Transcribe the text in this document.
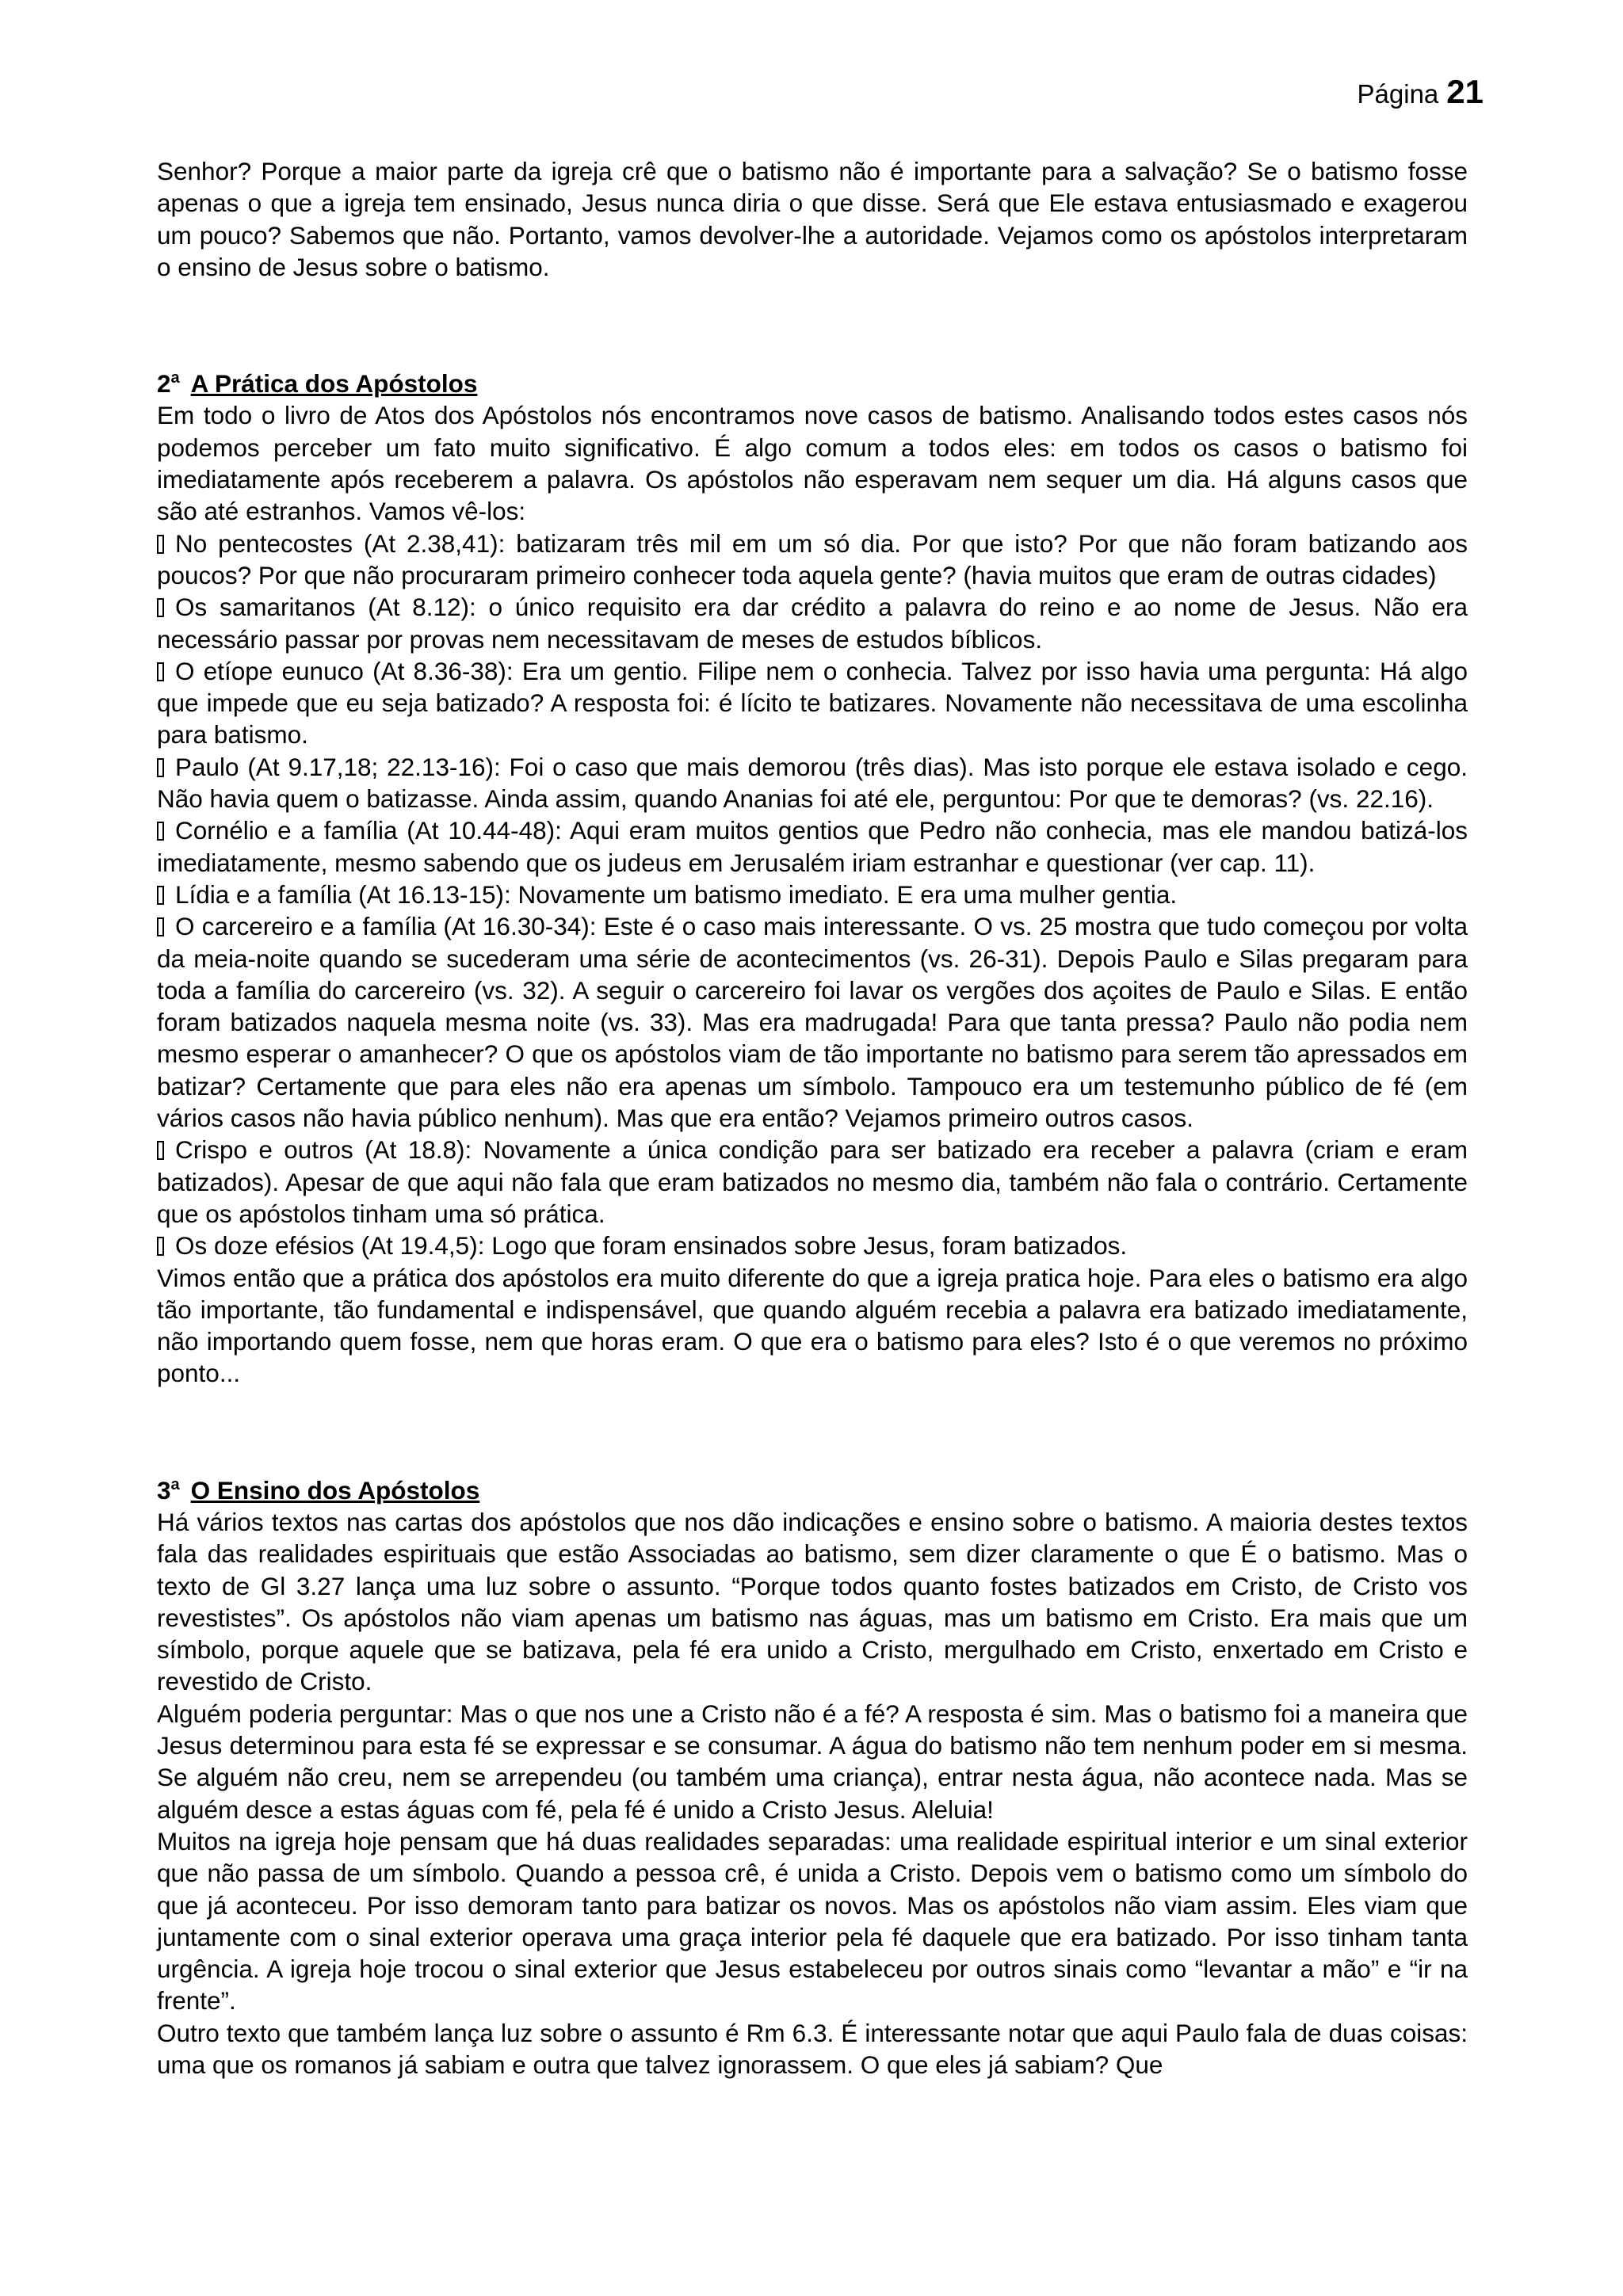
Página 21

Senhor? Porque a maior parte da igreja crê que o batismo não é importante para a salvação? Se o batismo fosse apenas o que a igreja tem ensinado, Jesus nunca diria o que disse. Será que Ele estava entusiasmado e exagerou um pouco? Sabemos que não. Portanto, vamos devolver-lhe a autoridade. Vejamos como os apóstolos interpretaram o ensino de Jesus sobre o batismo.

2$^a$ A Prática dos Apóstolos

Em todo o livro de Atos dos Apóstolos nós encontramos nove casos de batismo. Analisando todos estes casos nós podemos perceber um fato muito significativo. É algo comum a todos eles: em todos os casos o batismo foi imediatamente após receberem a palavra. Os apóstolos não esperavam nem sequer um dia. Há alguns casos que são até estranhos. Vamos vê-los:

No pentecostes (At 2.38,41): batizaram três mil em um só dia. Por que isto? Por que não foram batizando aos poucos? Por que não procuraram primeiro conhecer toda aquela gente? (havia muitos que eram de outras cidades)

Os samaritanos (At 8.12): o único requisito era dar crédito a palavra do reino e ao nome de Jesus. Não era necessário passar por provas nem necessitavam de meses de estudos bíblicos.

O etíope eunuco (At 8.36-38): Era um gentio. Filipe nem o conhecia. Talvez por isso havia uma pergunta: Há algo que impede que eu seja batizado? A resposta foi: é lícito te batizares. Novamente não necessitava de uma escolinha para batismo.

Paulo (At 9.17,18; 22.13-16): Foi o caso que mais demorou (três dias). Mas isto porque ele estava isolado e cego. Não havia quem o batizasse. Ainda assim, quando Ananias foi até ele, perguntou: Por que te demoras? (vs. 22.16).

Cornélio e a família (At 10.44-48): Aqui eram muitos gentios que Pedro não conhecia, mas ele mandou batizá-los imediatamente, mesmo sabendo que os judeus em Jerusalém iriam estranhar e questionar (ver cap. 11).

Lídia e a família (At 16.13-15): Novamente um batismo imediato. E era uma mulher gentia.

O carcereiro e a família (At 16.30-34): Este é o caso mais interessante. O vs. 25 mostra que tudo começou por volta da meia-noite quando se sucederam uma série de acontecimentos (vs. 26-31). Depois Paulo e Silas pregaram para toda a família do carcereiro (vs. 32). A seguir o carcereiro foi lavar os vergões dos açoites de Paulo e Silas. E então foram batizados naquela mesma noite (vs. 33). Mas era madrugada! Para que tanta pressa? Paulo não podia nem mesmo esperar o amanhecer? O que os apóstolos viam de tão importante no batismo para serem tão apressados em batizar? Certamente que para eles não era apenas um símbolo. Tampouco era um testemunho público de fé (em vários casos não havia público nenhum). Mas que era então? Vejamos primeiro outros casos.

Crispo e outros (At 18.8): Novamente a única condição para ser batizado era receber a palavra (criam e eram batizados). Apesar de que aqui não fala que eram batizados no mesmo dia, também não fala o contrário. Certamente que os apóstolos tinham uma só prática.

Os doze efésios (At 19.4,5): Logo que foram ensinados sobre Jesus, foram batizados.

Vimos então que a prática dos apóstolos era muito diferente do que a igreja pratica hoje. Para eles o batismo era algo tão importante, tão fundamental e indispensável, que quando alguém recebia a palavra era batizado imediatamente, não importando quem fosse, nem que horas eram. O que era o batismo para eles? Isto é o que veremos no próximo ponto...

3$^a$ O Ensino dos Apóstolos

Há vários textos nas cartas dos apóstolos que nos dão indicações e ensino sobre o batismo. A maioria destes textos fala das realidades espirituais que estão Associadas ao batismo, sem dizer claramente o que É o batismo. Mas o texto de Gl 3.27 lança uma luz sobre o assunto. “Porque todos quanto fostes batizados em Cristo, de Cristo vos revestistes”. Os apóstolos não viam apenas um batismo nas águas, mas um batismo em Cristo. Era mais que um símbolo, porque aquele que se batizava, pela fé era unido a Cristo, mergulhado em Cristo, enxertado em Cristo e revestido de Cristo.

Alguém poderia perguntar: Mas o que nos une a Cristo não é a fé? A resposta é sim. Mas o batismo foi a maneira que Jesus determinou para esta fé se expressar e se consumar. A água do batismo não tem nenhum poder em si mesma. Se alguém não creu, nem se arrependeu (ou também uma criança), entrar nesta água, não acontece nada. Mas se alguém desce a estas águas com fé, pela fé é unido a Cristo Jesus. Aleluia!

Muitos na igreja hoje pensam que há duas realidades separadas: uma realidade espiritual interior e um sinal exterior que não passa de um símbolo. Quando a pessoa crê, é unida a Cristo. Depois vem o batismo como um símbolo do que já aconteceu. Por isso demoram tanto para batizar os novos. Mas os apóstolos não viam assim. Eles viam que juntamente com o sinal exterior operava uma graça interior pela fé daquele que era batizado. Por isso tinham tanta urgência. A igreja hoje trocou o sinal exterior que Jesus estabeleceu por outros sinais como “levantar a mão” e “ir na frente”.

Outro texto que também lança luz sobre o assunto é Rm 6.3. É interessante notar que aqui Paulo fala de duas coisas: uma que os romanos já sabiam e outra que talvez ignorassem. O que eles já sabiam? Que
